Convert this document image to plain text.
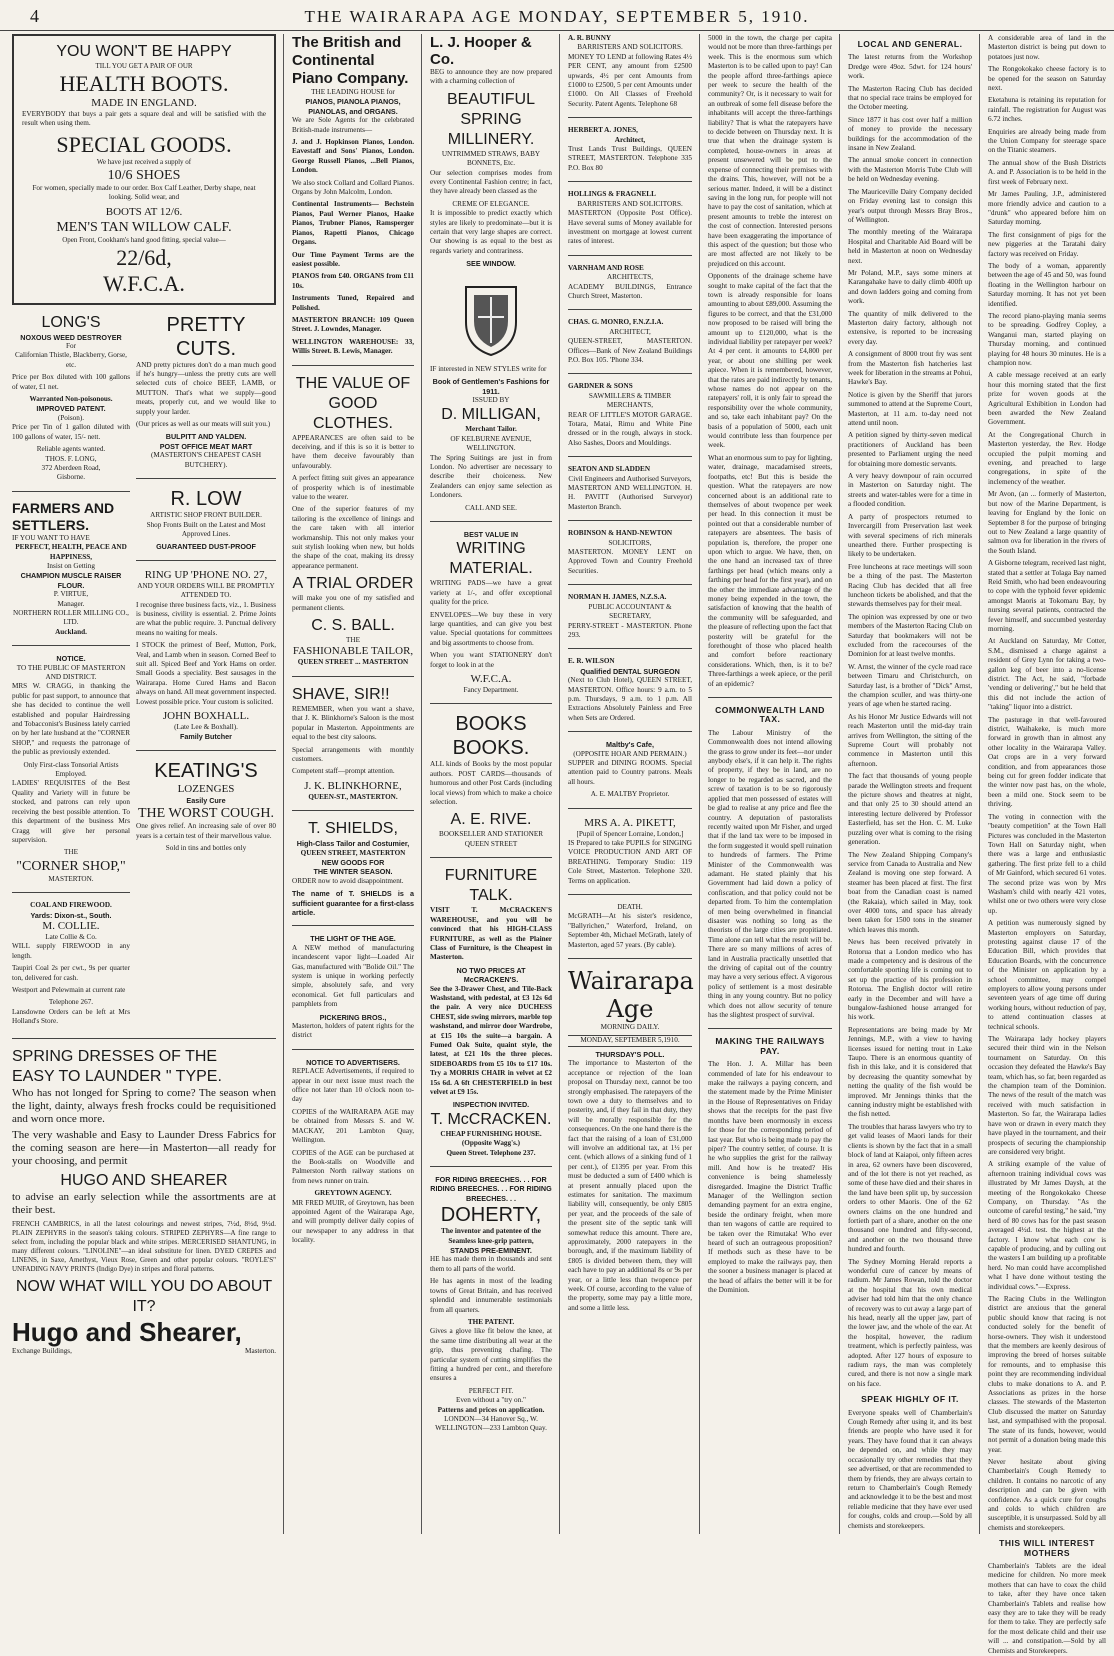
4	THE WAIRARAPA AGE MONDAY, SEPTEMBER 5, 1910.
YOU WON'T BE HAPPY
TILL YOU GET A PAIR OF OUR
HEALTH BOOTS.
MADE IN ENGLAND.

EVERYBODY that buys a pair gets a square deal and will be satisfied with the result when using them.

SPECIAL GOODS.
We have just received a supply of
10/6 SHOES

For women, specially made to our order. Box Calf Leather, Derby shape, neat looking. Solid wear, and

BOOTS AT 12/6.
MEN'S TAN WILLOW CALF.
Open Front, Cookham's hand good fitting, special value—
22/6d,
W.F.C.A.
LONG'S
NOXOUS WEED DESTROYER
For

Californian Thistle, Blackberry, Gorse, etc.

Price per Box diluted with 100 gallons of water, £1 net.

Warranted Non-poisonous.
IMPROVED PATENT.
(Poison).

Price per Tin of 1 gallon diluted with 100 gallons of water, 15/- nett.

Reliable agents wanted.
THOS. F. LONG,
372 Aberdeen Road,
Gisborne.
FARMERS AND SETTLERS.
IF YOU WANT TO HAVE
PERFECT, HEALTH, PEACE AND HAPPINESS,
Insist on Getting
CHAMPION MUSCLE RAISER FLOUR.
P. VIRTUE,
Manager.
NORTHERN ROLLER MILLING CO., LTD.
Auckland.
NOTICE.
TO THE PUBLIC OF MASTERTON AND DISTRICT.

MRS W. CRAGG, in thanking the public for past support, to announce that she has decided to continue the well established and popular Hairdressing and Tobacconist's Business lately carried on by her late husband at the "CORNER SHOP," and requests the patronage of the public as previously extended.

Only First-class Tonsorial Artists Employed.

LADIES' REQUISITES of the Best Quality and Variety will in future be stocked, and patrons can rely upon receiving the best possible attention. To this department of the business Mrs Cragg will give her personal supervision.

THE
"CORNER SHOP,"
MASTERTON.
COAL AND FIREWOOD.
Yards: Dixon-st., South.
M. COLLIE.
Late Collie & Co.

WILL supply FIREWOOD in any length.

Taupiri Coal 2s per cwt., 9s per quarter ton, delivered for cash.

Westport and Pelewmain at current rate

Telephone 267.

Lansdowne Orders can be left at Mrs Holland's Store.

PRETTY CUTS.

AND pretty pictures don't do a man much good if he's hungry—unless the pretty cuts are well selected cuts of choice BEEF, LAMB, or MUTTON. That's what we supply—good meats, properly cut, and we would like to supply your larder.

(Our prices as well as our meats will suit you.)

BULPITT AND YALDEN.
POST OFFICE MEAT MART
(MASTERTON'S CHEAPEST CASH BUTCHERY).
R. LOW
ARTISTIC SHOP FRONT BUILDER.

Shop Fronts Built on the Latest and Most Approved Lines.

GUARANTEED DUST-PROOF
RING UP 'PHONE NO. 27,
AND YOUR ORDERS WILL BE PROMPTLY ATTENDED TO.

I recognise three business facts, viz., 1. Business is business, civility is essential. 2. Prime Joints are what the public require. 3. Punctual delivery means no waiting for meals.

I STOCK the primest of Beef, Mutton, Pork, Veal, and Lamb when in season. Corned Beef to suit all. Spiced Beef and York Hams on order. Small Goods a speciality. Best sausages in the Wairarapa. Home Cured Hams and Bacon always on hand. All meat government inspected. Lowest possible price. Your custom is solicited.

JOHN BOXHALL.
(Late Lee & Boxhall).
Family Butcher
KEATING'S
LOZENGES
Easily Cure
THE WORST COUGH.

One gives relief. An increasing sale of over 80 years is a certain test of their marvellous value.

Sold in tins and bottles only
SPRING DRESSES OF THE
EASY TO LAUNDER " TYPE.

Who has not longed for Spring to come? The season when the light, dainty, always fresh frocks could be requisitioned and worn once more.

The very washable and Easy to Launder Dress Fabrics for the coming season are here—in Masterton—all ready for your choosing, and permit

HUGO AND SHEARER

to advise an early selection while the assortments are at their best.

FRENCH CAMBRICS, in all the latest colourings and newest stripes, 7½d, 8½d, 9½d. PLAIN ZEPHYRS in the season's taking colours. STRIPED ZEPHYRS—A fine range to select from, including the popular black and white stripes. MERCERISED SHANTUNG, in many different colours. "LINOLINE"—an ideal substitute for linen. DYED CREPES and LINENS, in Saxe, Amethyst, Vieux Rose, Green and other popular colours. "ROYLE'S" UNFADING NAVY PRINTS (Indigo Dye) in stripes and floral patterns.

NOW WHAT WILL YOU DO ABOUT IT?
Hugo and Shearer,
Exchange Buildings,	Masterton.
The British and Continental Piano Company.
THE LEADING HOUSE for
PIANOS, PIANOLA PIANOS, PIANOLAS, and ORGANS.

We are Sole Agents for the celebrated British-made instruments—

J. and J. Hopkinson Pianos, London. Eavestaff and Sons' Pianos, London. George Russell Pianos, ...Bell Pianos, London.

We also stock Collard and Collard Pianos. Organs by John Malcolm, London.

Continental Instruments— Bechstein Pianos, Paul Werner Pianos, Haake Pianos, Trubner Pianos, Ramsperger Pianos, Rapetti Pianos, Chicago Organs.

Our Time Payment Terms are the easiest possible.

PIANOS from £40. ORGANS from £11 10s.

Instruments Tuned, Repaired and Polished.

MASTERTON BRANCH: 109 Queen Street. J. Lowndes, Manager.

WELLINGTON WAREHOUSE: 33, Willis Street. B. Lewis, Manager.

THE VALUE OF GOOD CLOTHES.

APPEARANCES are often said to be deceiving, and if this is so it is better to have them deceive favourably than unfavourably.

A perfect fitting suit gives an appearance of prosperity which is of inestimable value to the wearer.

One of the superior features of my tailoring is the excellence of linings and the care taken with all interior workmanship. This not only makes your suit stylish looking when new, but holds the shape of the coat, making its dressy appearance permanent.

A TRIAL ORDER

will make you one of my satisfied and permanent clients.

C. S. BALL.
THE
FASHIONABLE TAILOR,
QUEEN STREET ... MASTERTON
SHAVE, SIR!!

REMEMBER, when you want a shave, that J. K. Blinkhorne's Saloon is the most popular in Masterton. Appointments are equal to the best city saloons.

Special arrangements with monthly customers.

Competent staff—prompt attention.

J. K. BLINKHORNE,
QUEEN-ST., MASTERTON.
T. SHIELDS,
High-Class Tailor and Costumier,
QUEEN STREET, MASTERTON
NEW GOODS FOR
THE WINTER SEASON.

ORDER now to avoid disappointment.

The name of T. SHIELDS is a sufficient guarantee for a first-class article.

THE LIGHT OF THE AGE.

A NEW method of manufacturing incandescent vapor light—Loaded Air Gas, manufactured with "Bolide Oil." The system is unique in working perfectly simple, absolutely safe, and very economical. Get full particulars and pamphlets from

PICKERING BROS.,

Masterton, holders of patent rights for the district

NOTICE TO ADVERTISERS.

REPLACE Advertisements, if required to appear in our next issue must reach the office not later than 10 o'clock noon to-day

COPIES of the WAIRARAPA AGE may be obtained from Messrs S. and W. MACKAY, 201 Lambton Quay, Wellington.

COPIES of the AGE can be purchased at the Book-stalls on Woodville and Palmerston North railway stations on from news runner on train.

GREYTOWN AGENCY.

MR FRED MUIR, of Greytown, has been appointed Agent of the Wairarapa Age, and will promptly deliver daily copies of our newspaper to any address in that locality.

L. J. Hooper & Co.

BEG to announce they are now prepared with a charming collection of

BEAUTIFUL
SPRING
MILLINERY.
UNTRIMMED STRAWS, BABY BONNETS, Etc.

Our selection comprises modes from every Continental Fashion centre; in fact, they have already been classed as the

CREME OF ELEGANCE.

It is impossible to predict exactly which styles are likely to predominate—but it is certain that very large shapes are correct. Our showing is as equal to the best as regards variety and contrariness.

SEE WINDOW.

IF interested in NEW STYLES write for

Book of Gentlemen's Fashions for 1911.
ISSUED BY
D. MILLIGAN,
Merchant Tailor.
OF KELBURNE AVENUE, WELLINGTON.

The Spring Suitings are just in from London. No advertiser are necessary to describe their choiceness. New Zealanders can enjoy same selection as Londoners.

CALL AND SEE.
BEST VALUE IN
WRITING MATERIAL.

WRITING PADS—we have a great variety at 1/-, and offer exceptional quality for the price.

ENVELOPES—We buy these in very large quantities, and can give you best value. Special quotations for committees and big assortments to choose from.

When you want STATIONERY don't forget to look in at the

W.F.C.A.
Fancy Department.
BOOKS BOOKS.

ALL kinds of Books by the most popular authors. POST CARDS—thousands of humorous and other Post Cards (including local views) from which to make a choice selection.

A. E. RIVE.
BOOKSELLER AND STATIONER
QUEEN STREET
FURNITURE TALK.

VISIT T. McCRACKEN'S WAREHOUSE, and you will be convinced that his HIGH-CLASS FURNITURE, as well as the Plainer Class of Furniture, is the Cheapest in Masterton.

NO TWO PRICES AT McCRACKEN'S.

See the 3-Drawer Chest, and Tile-Back Washstand, with pedestal, at £3 12s 6d the pair. A very nice DUCHESS CHEST, side swing mirrors, marble top washstand, and mirror door Wardrobe, at £15 10s the suite—a bargain. A Fumed Oak Suite, quaint style, the latest, at £21 10s the three pieces. SIDEBOARDS from £5 10s to £17 10s. Try a MORRIS CHAIR in velvet at £2 15s 6d. A 6ft CHESTERFIELD in best velvet at £9 15s.

INSPECTION INVITED.
T. McCRACKEN.
CHEAP FURNISHING HOUSE.
(Opposite Wagg's.)
Queen Street. Telephone 237.
FOR RIDING BREECHES. . . FOR RIDING BREECHES. . . FOR RIDING BREECHES. . .
DOHERTY,
The inventor and patentee of the Seamless knee-grip pattern,
STANDS PRE-EMINENT.

HE has made them in thousands and sent them to all parts of the world.

He has agents in most of the leading towns of Great Britain, and has received splendid and innumerable testimonials from all quarters.

THE PATENT.

Gives a glove like fit below the knee, at the same time distributing all wear at the grip, thus preventing chafing. The particular system of cutting simplifies the fitting a hundred per cent., and therefore ensures a

PERFECT FIT.
Even without a "try on."
Patterns and prices on application.
LONDON—34 Hanover Sq., W.
WELLINGTON—233 Lambton Quay.
A. R. BUNNY
BARRISTERS AND SOLICITORS.

MONEY TO LEND at following Rates 4½ PER CENT, any amount from £2500 upwards, 4½ per cent Amounts from £1000 to £2500, 5 per cent Amounts under £1000. On All Classes of Freehold Security. Patent Agents. Telephone 68

HERBERT A. JONES,
Architect,

Trust Lands Trust Buildings, QUEEN STREET, MASTERTON. Telephone 335 P.O. Box 80

HOLLINGS & FRAGNELL
BARRISTERS AND SOLICITORS.

MASTERTON (Opposite Post Office). Have several sums of Money available for investment on mortgage at lowest current rates of interest.

VARNHAM AND ROSE
ARCHITECTS,

ACADEMY BUILDINGS, Entrance Church Street, Masterton.

CHAS. G. MONRO, F.N.Z.I.A.
ARCHITECT,

QUEEN-STREET, MASTERTON. Offices—Bank of New Zealand Buildings P.O. Box 105. 'Phone 334.

GARDNER & SONS
SAWMILLERS & TIMBER MERCHANTS,

REAR OF LITTLE'S MOTOR GARAGE. Totara, Matai, Rimu and White Pine dressed or in the rough, always in stock. Also Sashes, Doors and Mouldings.

SEATON AND SLADDEN
Civil Engineers and Authorised Surveyors,

MASTERTON AND WELLINGTON. H. H. PAVITT (Authorised Surveyor) Masterton Branch.

ROBINSON & HAND-NEWTON
SOLICITORS,

MASTERTON. MONEY LENT on Approved Town and Country Freehold Securities.

NORMAN H. JAMES, N.Z.S.A.
PUBLIC ACCOUNTANT & SECRETARY,

PERRY-STREET - MASTERTON. Phone 293.

E. R. WILSON
Qualified DENTAL SURGEON

(Next to Club Hotel), QUEEN STREET, MASTERTON. Office hours: 9 a.m. to 5 p.m. Thursdays, 9 a.m. to 1 p.m. All Extractions Absolutely Painless and Free when Sets are Ordered.

Maltby's Cafe,
(OPPOSITE HOAR AND PERMAIN.)

SUPPER and DINING ROOMS. Special attention paid to Country patrons. Meals all hours.

A. E. MALTBY Proprietor.
MRS A. A. PIKETT,
[Pupil of Spencer Lorraine, London,]

IS Prepared to take PUPILS for SINGING VOICE PRODUCTION AND ART OF BREATHING. Temporary Studio: 119 Cole Street, Masterton. Telephone 320. Terms on application.

DEATH.

McGRATH—At his sister's residence, "Ballyrichen," Waterford, Ireland, on September 4th, Michael McGrath, lately of Masterton, aged 57 years. (By cable).

Wairarapa Age
MORNING DAILY.
MONDAY, SEPTEMBER 5,1910.
THURSDAY'S POLL.

The importance to Masterton of the acceptance or rejection of the loan proposal on Thursday next, cannot be too strongly emphasised. The ratepayers of the town owe a duty to themselves and to posterity, and, if they fail in that duty, they will be morally responsible for the consequences. On the one hand there is the fact that the raising of a loan of £31,000 will involve an additional tax, at 1½ per cent. (which allows of a sinking fund of 1 per cent.), of £1395 per year. From this must be deducted a sum of £400 which is at present annually placed upon the estimates for sanitation. The maximum liability will, consequently, be only £805 per year, and the proceeds of the sale of the present site of the septic tank will somewhat reduce this amount. There are, approximately, 2000 ratepayers in the borough, and, if the maximum liability of £805 is divided between them, they will each have to pay an additional 8s or 9s per year, or a little less than twopence per week. Of course, according to the value of the property, some may pay a little more, and some a little less.

5000 in the town, the charge per capita would not be more than three-farthings per week. This is the enormous sum which Masterton is to be called upon to pay! Can the people afford three-farthings apiece per week to secure the health of the community? Or, is it necessary to wait for an outbreak of some fell disease before the inhabitants will accept the three-farthings liability? That is what the ratepayers have to decide between on Thursday next. It is true that when the drainage system is completed, house-owners in areas at present unsewered will be put to the expense of connecting their premises with the drains. This, however, will not be a serious matter. Indeed, it will be a distinct saving in the long run, for people will not have to pay the cost of sanitation, which at present amounts to treble the interest on the cost of connection. Interested persons have been exaggerating the importance of this aspect of the question; but those who are most affected are not likely to be prejudiced on this account.

Opponents of the drainage scheme have sought to make capital of the fact that the town is already responsible for loans amounting to about £89,000. Assuming the figures to be correct, and that the £31,000 now proposed to be raised will bring the amount up to £120,000, what is the individual liability per ratepayer per week? At 4 per cent. it amounts to £4,800 per year, or about one shilling per week apiece. When it is remembered, however, that the rates are paid indirectly by tenants, whose names do not appear on the ratepayers' roll, it is only fair to spread the responsibility over the whole community, and so, take each inhabitant pay? On the basis of a population of 5000, each unit would contribute less than fourpence per week.

What an enormous sum to pay for lighting, water, drainage, macadamised streets, footpaths, etc! But this is beside the question. What the ratepayers are now concerned about is an additional rate to themselves of about twopence per week per head. In this connection it must be pointed out that a considerable number of ratepayers are absentees. The basis of population is, therefore, the proper one upon which to argue. We have, then, on the one hand an increased tax of three farthings per head (which means only a farthing per head for the first year), and on the other the immediate advantage of the money being expended in the town, the satisfaction of knowing that the health of the community will be safeguarded, and the pleasure of reflecting upon the fact that posterity will be grateful for the forethought of those who placed health and comfort before reactionary considerations. Which, then, is it to be? Three-farthings a week apiece, or the peril of an epidemic?

COMMONWEALTH LAND TAX.

The Labour Ministry of the Commonwealth does not intend allowing the grass to grow under its feet—nor under anybody else's, if it can help it. The rights of property, if they be in land, are no longer to be regarded as sacred, and the screw of taxation is to be so rigorously applied that men possessed of estates will be glad to realise at any price and flee the country. A deputation of pastoralists recently waited upon Mr Fisher, and urged that if the land tax were to be imposed in the form suggested it would spell ruination to hundreds of farmers. The Prime Minister of the Commonwealth was adamant. He stated plainly that his Government had laid down a policy of confiscation, and that policy could not be departed from. To him the contemplation of men being overwhelmed in financial disaster was nothing so long as the theorists of the large cities are propitiated. Time alone can tell what the result will be. There are so many millions of acres of land in Australia practically unsettled that the driving of capital out of the country may have a very serious effect. A vigorous policy of settlement is a most desirable thing in any young country. But no policy which does not allow security of tenure has the slightest prospect of survival.

MAKING THE RAILWAYS PAY.

The Hon. J. A. Millar has been commended of late for his endeavour to make the railways a paying concern, and the statement made by the Prime Minister in the House of Representatives on Friday shows that the receipts for the past five months have been enormously in excess for those for the corresponding period of last year. But who is being made to pay the piper? The country settler, of course. It is he who supplies the grist for the railway mill. And how is he treated? His convenience is being shamelessly disregarded. Imagine the District Traffic Manager of the Wellington section demanding payment for an extra engine, beside the ordinary freight, when more than ten wagons of cattle are required to be taken over the Rimutaka! Who ever heard of such an outrageous proposition? If methods such as these have to be employed to make the railways pay, then the sooner a business manager is placed at the head of affairs the better will it be for the Dominion.

LOCAL AND GENERAL.

The latest returns from the Workshop Dredge were 49oz. 5dwt. for 124 hours' work.

The Masterton Racing Club has decided that no special race trains be employed for the October meeting.

Since 1877 it has cost over half a million of money to provide the necessary buildings for the accommodation of the insane in New Zealand.

The annual smoke concert in connection with the Masterton Morris Tube Club will be held on Wednesday evening.

The Mauriceville Dairy Company decided on Friday evening last to consign this year's output through Messrs Bray Bros., of Wellington.

The monthly meeting of the Wairarapa Hospital and Charitable Aid Board will be held in Masterton at noon on Wednesday next.

Mr Poland, M.P., says some miners at Karangahake have to daily climb 400ft up and down ladders going and coming from work.

The quantity of milk delivered to the Masterton dairy factory, although not extensive, is reported to be increasing every day.

A consignment of 8000 trout fry was sent from the Masterton fish hatcheries last week for liberation in the streams at Pohui, Hawke's Bay.

Notice is given by the Sheriff that jurors summoned to attend at the Supreme Court, Masterton, at 11 a.m. to-day need not attend until noon.

A petition signed by thirty-seven medical practitioners of Auckland has been presented to Parliament urging the need for obtaining more domestic servants.

A very heavy downpour of rain occurred in Masterton on Saturday night. The streets and water-tables were for a time in a flooded condition.

A party of prospectors returned to Invercargill from Preservation last week with several specimens of rich minerals unearthed there. Further prospecting is likely to be undertaken.

Free luncheons at race meetings will soon be a thing of the past. The Masterton Racing Club has decided that all free luncheon tickets be abolished, and that the stewards themselves pay for their meal.

The opinion was expressed by one or two members of the Masterton Racing Club on Saturday that bookmakers will not be excluded from the racecourses of the Dominion for at least twelve months.

W. Arnst, the winner of the cycle road race between Timaru and Christchurch, on Saturday last, is a brother of "Dick" Arnst, the champion sculler, and was thirty-one years of age when he started racing.

As his Honor Mr Justice Edwards will not reach Masterton until the mid-day train arrives from Wellington, the sitting of the Supreme Court will probably not commence in Masterton until this afternoon.

The fact that thousands of young people parade the Wellington streets and frequent the picture shows and theatres at night, and that only 25 to 30 should attend an interesting lecture delivered by Professor Easterfield, has set the Hon. C. M. Luke puzzling over what is coming to the rising generation.

The New Zealand Shipping Company's service from Canada to Australia and New Zealand is moving one step forward. A steamer has been placed at first. The first boat from the Canadian coast is named (the Rakaia), which sailed in May, took over 4000 tons, and space has already been taken for 1500 tons in the steamer which leaves this month.

News has been received privately in Rotorua that a London medico who has made a competency and is desirous of the comfortable sporting life is coming out to set up the practice of his profession in Rotorua. The English doctor will retire early in the December and will have a bungalow-fashioned house arranged for his work.

Representations are being made by Mr Jennings, M.P., with a view to having licenses issued for netting trout in Lake Taupo. There is an enormous quantity of fish in this lake, and it is considered that by decreasing the quantity somewhat by netting the quality of the fish would be improved. Mr Jennings thinks that the canning industry might be established with the fish netted.

The troubles that harass lawyers who try to get valid leases of Maori lands for their clients is shown by the fact that in a small block of land at Kaiapoi, only fifteen acres in area, 62 owners have been discovered, and of the lot there is not yet reached, as some of these have died and their shares in the land have been split up, by succession orders to other Maoris. One of the 62 owners claims on the one hundred and fortieth part of a share, another on the one thousand one hundred and fifty-second, and another on the two thousand three hundred and fourth.

The Sydney Morning Herald reports a wonderful cure of cancer by means of radium. Mr James Rowan, told the doctor at the hospital that his own medical adviser had told him that the only chance of recovery was to cut away a large part of his head, nearly all the upper jaw, part of the lower jaw, and the whole of the ear. At the hospital, however, the radium treatment, which is perfectly painless, was adopted. After 127 hours of exposure to radium rays, the man was completely cured, and there is not now a single mark on his face.

SPEAK HIGHLY OF IT.

Everyone speaks well of Chamberlain's Cough Remedy after using it, and its best friends are people who have used it for years. They have found that it can always be depended on, and while they may occasionally try other remedies that they see advertised, or that are recommended to them by friends, they are always certain to return to Chamberlain's Cough Remedy and acknowledge it to be the best and most reliable medicine that they have ever used for coughs, colds and croup.—Sold by all chemists and storekeepers.

A considerable area of land in the Masterton district is being put down to potatoes just now.

The Rongokokako cheese factory is to be opened for the season on Saturday next.

Eketahuna is retaining its reputation for rainfall. The registration for August was 6.72 inches.

Enquiries are already being made from the Union Company for steerage space on the Titanic steamers.

The annual show of the Bush Districts A. and P. Association is to be held in the first week of February next.

Mr James Pauling, J.P., administered more friendly advice and caution to a "drunk" who appeared before him on Saturday morning.

The first consignment of pigs for the new piggeries at the Taratahi dairy factory was received on Friday.

The body of a woman, apparently between the age of 45 and 50, was found floating in the Wellington harbour on Saturday morning. It has not yet been identified.

The record piano-playing mania seems to be spreading. Godfrey Copley, a Wanganui man, started playing on Thursday morning, and continued playing for 48 hours 30 minutes. He is a champion now.

A cable message received at an early hour this morning stated that the first prize for woven goods at the Agricultural Exhibition in London had been awarded the New Zealand Government.

At the Congregational Church in Masterton yesterday, the Rev. Hodge occupied the pulpit morning and evening, and preached to large congregations, in spite of the inclemency of the weather.

Mr Avon, (an ... formerly of Masterton, but now of the Marine Department, is leaving for England by the Ionic on September 8 for the purpose of bringing out to New Zealand a large quantity of salmon ova for liberation in the rivers of the South Island.

A Gisborne telegram, received last night, stated that a settler at Tolaga Bay named Reid Smith, who had been endeavouring to cope with the typhoid fever epidemic amongst Maoris at Tokomaru Bay, by nursing several patients, contracted the fever himself, and succumbed yesterday morning.

At Auckland on Saturday, Mr Cotter, S.M., dismissed a charge against a resident of Grey Lynn for taking a two-gallon keg of beer into a no-license district. The Act, he said, "forbade 'vending or delivering'," but he held that this did not include the action of "taking" liquor into a district.

The pasturage in that well-favoured district, Waihakeke, is much more forward in growth than in almost any other locality in the Wairarapa Valley. Oat crops are in a very forward condition, and from appearances those being cut for green fodder indicate that the winter now past has, on the whole, been a mild one. Stock seem to be thriving.

The voting in connection with the "beauty competition" at the Town Hall Pictures was concluded in the Masterton Town Hall on Saturday night, when there was a large and enthusiastic gathering. The first prize fell to a child of Mr Gainford, which secured 61 votes. The second prize was won by Mrs Washam's child with nearly 421 votes, whilst one or two others were very close up.

A petition was numerously signed by Masterton employers on Saturday, protesting against clause 17 of the Education Bill, which provides that Education Boards, with the concurrence of the Minister on application by a school committee, may compel employers to allow young persons under seventeen years of age time off during working hours, without reduction of pay, to attend continuation classes at technical schools.

The Wairarapa lady hockey players secured their third win in the Nelson tournament on Saturday. On this occasion they defeated the Hawke's Bay team, which has, so far, been regarded as the champion team of the Dominion. The news of the result of the match was received with much satisfaction in Masterton. So far, the Wairarapa ladies have won or drawn in every match they have played in the tournament, and their prospects of securing the championship are considered very bright.

A striking example of the value of afternoon training individual cows was illustrated by Mr James Daysh, at the meeting of the Rongokokako Cheese Company, on Thursday. "As the outcome of careful testing," he said, "my herd of 80 cows has for the past season averaged 4½d. test. the highest at the factory. I know what each cow is capable of producing, and by culling out the wasters I am building up a profitable herd. No man could have accomplished what I have done without testing the individual cows."—Express.

The Racing Clubs in the Wellington district are anxious that the general public should know that racing is not conducted solely for the benefit of horse-owners. They wish it understood that the members are keenly desirous of improving the breed of horses suitable for remounts, and to emphasise this point they are recommending individual clubs to make donations to A. and P. Associations as prizes in the horse classes. The stewards of the Masterton Club discussed the matter on Saturday last, and sympathised with the proposal. The state of its funds, however, would not permit of a donation being made this year.

Never hesitate about giving Chamberlain's Cough Remedy to children. It contains no narcotic of any description and can be given with confidence. As a quick cure for coughs and colds to which children are susceptible, it is unsurpassed. Sold by all chemists and storekeepers.

THIS WILL INTEREST MOTHERS

Chamberlain's Tablets are the ideal medicine for children. No more meek mothers that can have to coax the child to take, after they have once taken Chamberlain's Tablets and realise how easy they are to take they will be ready for them to take. They are perfectly safe for the most delicate child and their use will ... and constipation.—Sold by all Chemists and Storekeepers.
